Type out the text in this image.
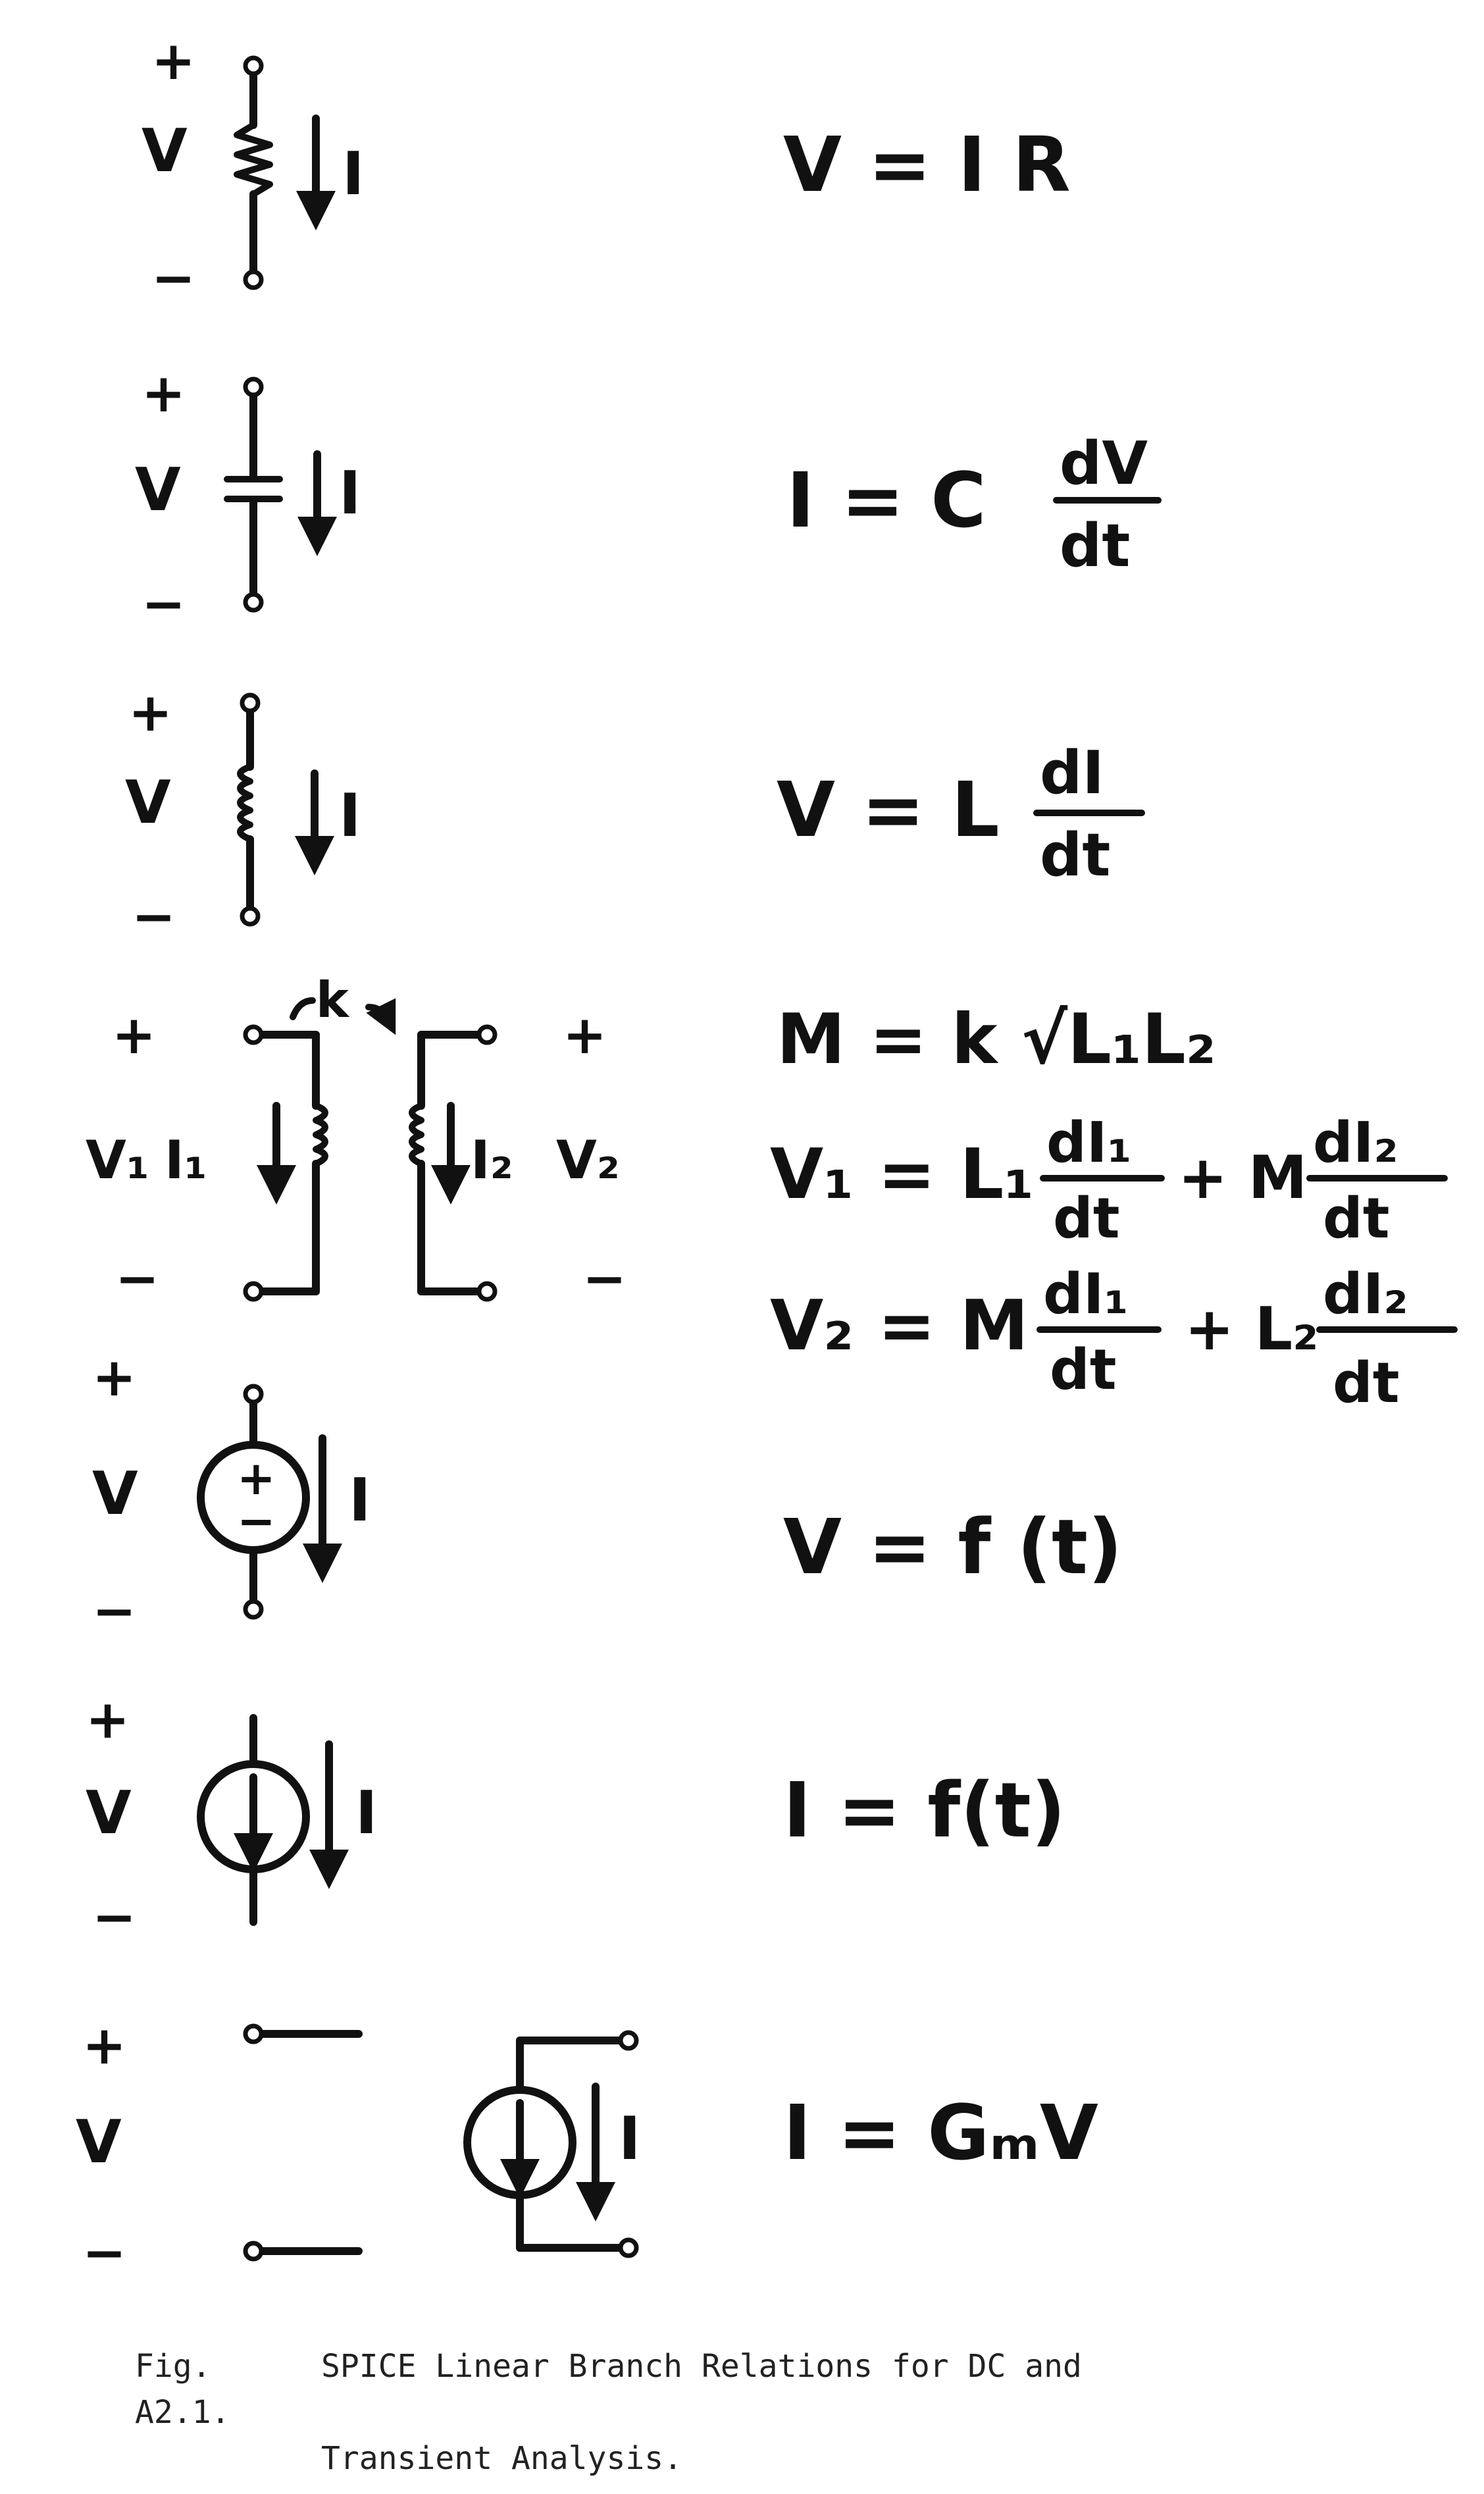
+
V
−
I	V = I R
+
V
−
I	I = C dV
dt
+
V
−
I	V = L dI
dt
+	+
V₁	V₂
−	−
k
I₁	I₂
M = k √L₁L₂
V₁ = L₁ dI₁
dt
+ M
dI₂
dt
V₂ = M dI₁
dt
+ L₂
dI₂
dt
+
V
−
+
− I
V = f (t)
+
V
−
I	I = f(t)
+
V
−
I I = GₘV
Fig. A2.1.
SPICE Linear Branch Relations for DC and
Transient Analysis.
